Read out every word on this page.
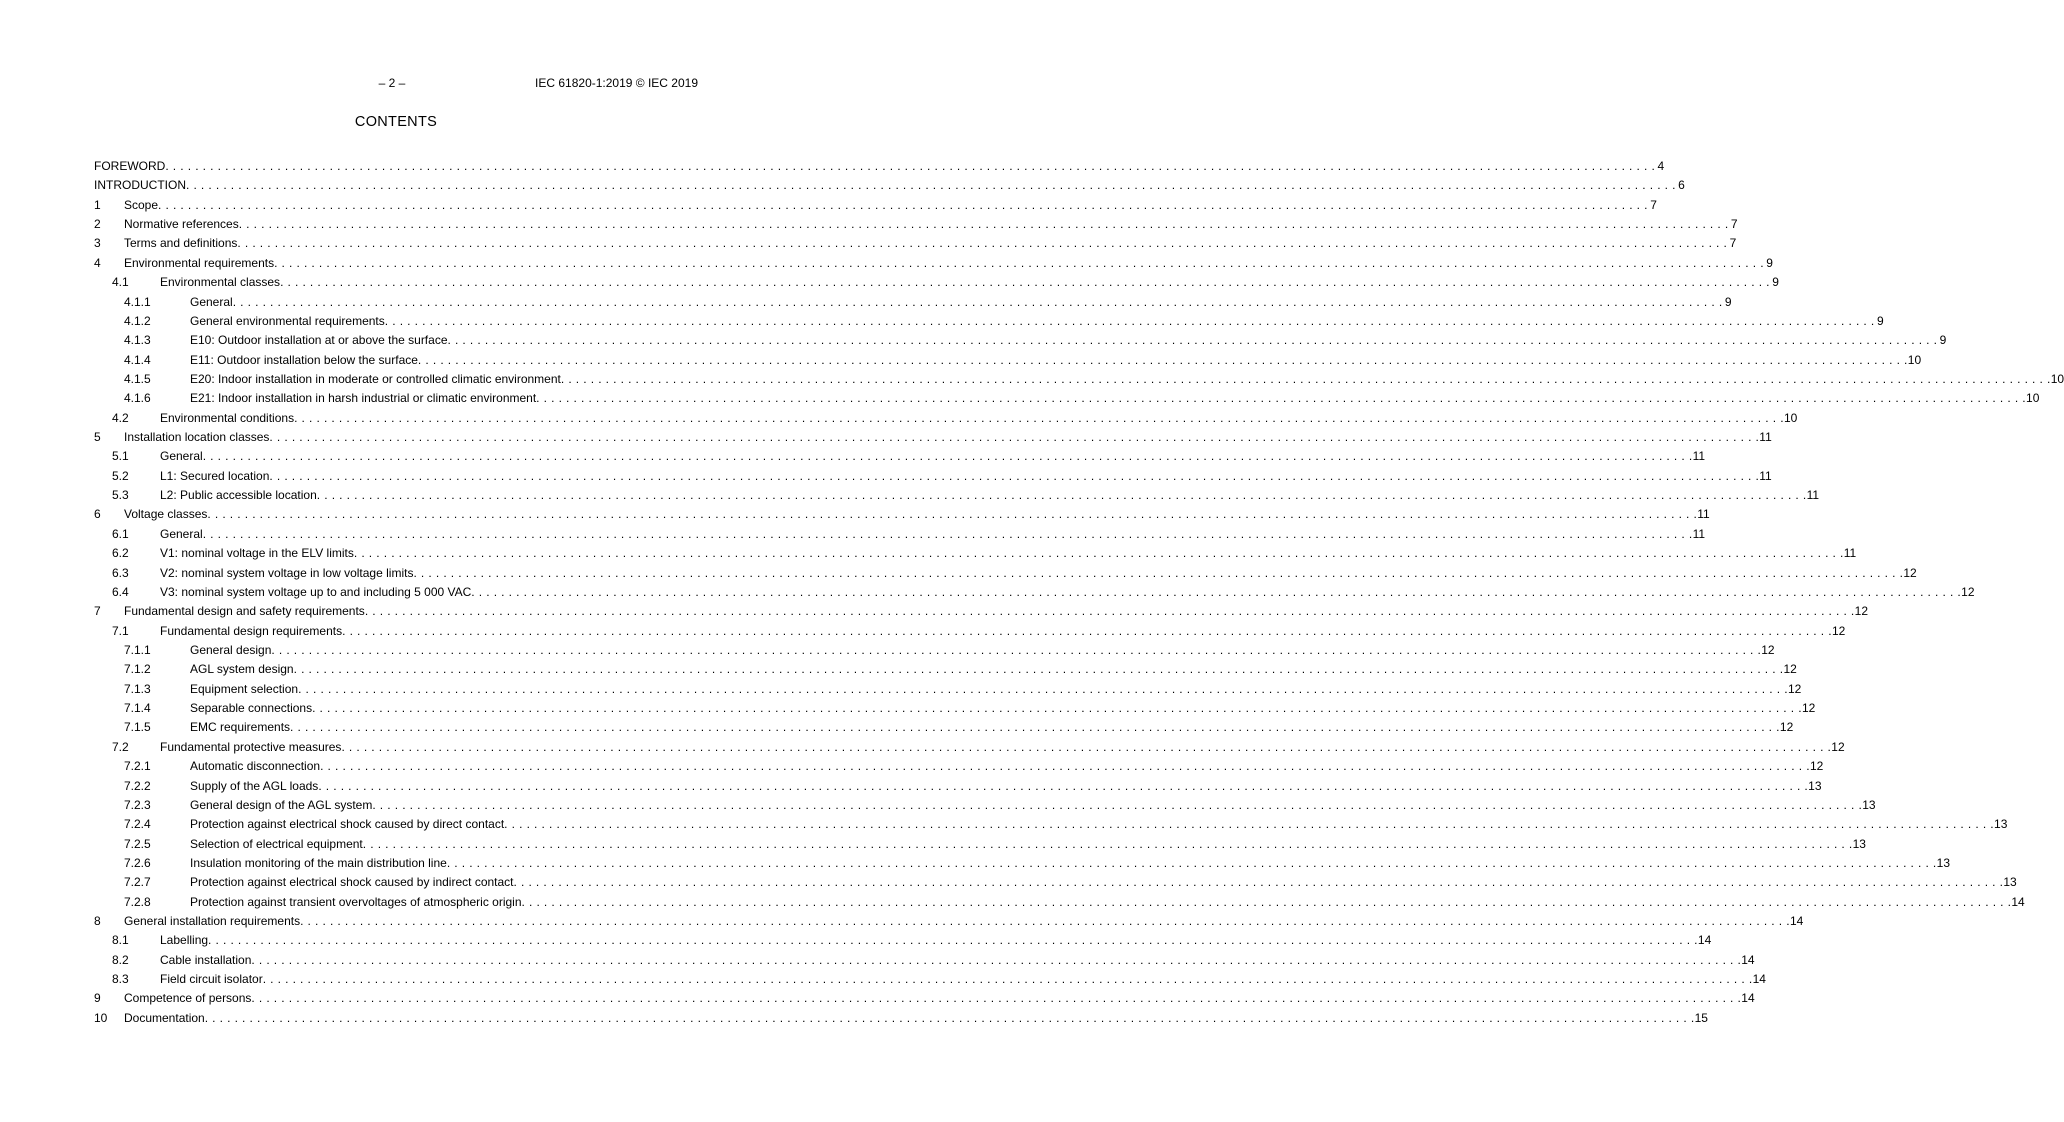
– 2 –	IEC 61820-1:2019 © IEC 2019
CONTENTS
FOREWORD . . . . . . . . . . . . . . . . . . . . . . . . . . . . . . . . . . . . . . . . . . . . . . . . . . . . . . . . . . . . . . . . . . . . . . . . . . . . . . . . . . . . . . . . . . . . . . . . . . . . . . . . . . . . . . . . . . . . . . . . . . . . . . . . . . . . . . . . . . . . . . . . . . . . . . . . . . . . . . . . . . . . . . . . . . . . . . . . . . . . . . . . . . . . . . . . . . . . . . . . 4
INTRODUCTION . . . . . . . . . . . . . . . . . . . . . . . . . . . . . . . . . . . . . . . . . . . . . . . . . . . . . . . . . . . . . . . . . . . . . . . . . . . . . . . . . . . . . . . . . . . . . . . . . . . . . . . . . . . . . . . . . . . . . . . . . . . . . . . . . . . . . . . . . . . . . . . . . . . . . . . . . . . . . . . . . . . . . . . . . . . . . . . . . . . . . . . . . . . . . . . . . . . . . . . . 6
1 Scope . . . . . . . . . . . . . . . . . . . . . . . . . . . . . . . . . . . . . . . . . . . . . . . . . . . . . . . . . . . . . . . . . . . . . . . . . . . . . . . . . . . . . . . . . . . . . . . . . . . . . . . . . . . . . . . . . . . . . . . . . . . . . . . . . . . . . . . . . . . . . . . . . . . . . . . . . . . . . . . . . . . . . . . . . . . . . . . . . . . . . . . . . . . . . . . . . . . . . . . . 7
2 Normative references . . . . . . . . . . . . . . . . . . . . . . . . . . . . . . . . . . . . . . . . . . . . . . . . . . . . . . . . . . . . . . . . . . . . . . . . . . . . . . . . . . . . . . . . . . . . . . . . . . . . . . . . . . . . . . . . . . . . . . . . . . . . . . . . . . . . . . . . . . . . . . . . . . . . . . . . . . . . . . . . . . . . . . . . . . . . . . . . . . . . . . . . . . . . . . . . . . . . . . . . 7
3 Terms and definitions . . . . . . . . . . . . . . . . . . . . . . . . . . . . . . . . . . . . . . . . . . . . . . . . . . . . . . . . . . . . . . . . . . . . . . . . . . . . . . . . . . . . . . . . . . . . . . . . . . . . . . . . . . . . . . . . . . . . . . . . . . . . . . . . . . . . . . . . . . . . . . . . . . . . . . . . . . . . . . . . . . . . . . . . . . . . . . . . . . . . . . . . . . . . . . . . . . . . . . . . 7
4 Environmental requirements . . . . . . . . . . . . . . . . . . . . . . . . . . . . . . . . . . . . . . . . . . . . . . . . . . . . . . . . . . . . . . . . . . . . . . . . . . . . . . . . . . . . . . . . . . . . . . . . . . . . . . . . . . . . . . . . . . . . . . . . . . . . . . . . . . . . . . . . . . . . . . . . . . . . . . . . . . . . . . . . . . . . . . . . . . . . . . . . . . . . . . . . . . . . . . . . . . . . . . . . 9
4.1	Environmental classes . . . . . . . . . . . . . . . . . . . . . . . . . . . . . . . . . . . . . . . . . . . . . . . . . . . . . . . . . . . . . . . . . . . . . . . . . . . . . . . . . . . . . . . . . . . . . . . . . . . . . . . . . . . . . . . . . . . . . . . . . . . . . . . . . . . . . . . . . . . . . . . . . . . . . . . . . . . . . . . . . . . . . . . . . . . . . . . . . . . . . . . . . . . . . . . . . . . . . . . . 9
4.1.1	General . . . . . . . . . . . . . . . . . . . . . . . . . . . . . . . . . . . . . . . . . . . . . . . . . . . . . . . . . . . . . . . . . . . . . . . . . . . . . . . . . . . . . . . . . . . . . . . . . . . . . . . . . . . . . . . . . . . . . . . . . . . . . . . . . . . . . . . . . . . . . . . . . . . . . . . . . . . . . . . . . . . . . . . . . . . . . . . . . . . . . . . . . . . . . . . . . . . . . . . . 9
4.1.2	General environmental requirements . . . . . . . . . . . . . . . . . . . . . . . . . . . . . . . . . . . . . . . . . . . . . . . . . . . . . . . . . . . . . . . . . . . . . . . . . . . . . . . . . . . . . . . . . . . . . . . . . . . . . . . . . . . . . . . . . . . . . . . . . . . . . . . . . . . . . . . . . . . . . . . . . . . . . . . . . . . . . . . . . . . . . . . . . . . . . . . . . . . . . . . . . . . . . . . . . . . . . . . . 9
4.1.3	E10: Outdoor installation at or above the surface . . . . . . . . . . . . . . . . . . . . . . . . . . . . . . . . . . . . . . . . . . . . . . . . . . . . . . . . . . . . . . . . . . . . . . . . . . . . . . . . . . . . . . . . . . . . . . . . . . . . . . . . . . . . . . . . . . . . . . . . . . . . . . . . . . . . . . . . . . . . . . . . . . . . . . . . . . . . . . . . . . . . . . . . . . . . . . . . . . . . . . . . . . . . . . . . . . . . . . . . 9
4.1.4	E11: Outdoor installation below the surface . . . . . . . . . . . . . . . . . . . . . . . . . . . . . . . . . . . . . . . . . . . . . . . . . . . . . . . . . . . . . . . . . . . . . . . . . . . . . . . . . . . . . . . . . . . . . . . . . . . . . . . . . . . . . . . . . . . . . . . . . . . . . . . . . . . . . . . . . . . . . . . . . . . . . . . . . . . . . . . . . . . . . . . . . . . . . . . . . . . . . . . . . . . . . . . . . . . . . . . . 10
4.1.5	E20: Indoor installation in moderate or controlled climatic environment . . . . . . . . . . . . . . . . . . . . . . . . . . . . . . . . . . . . . . . . . . . . . . . . . . . . . . . . . . . . . . . . . . . . . . . . . . . . . . . . . . . . . . . . . . . . . . . . . . . . . . . . . . . . . . . . . . . . . . . . . . . . . . . . . . . . . . . . . . . . . . . . . . . . . . . . . . . . . . . . . . . . . . . . . . . . . . . . . . . . . . . . . . . . . . . . . . . . . . . . 10
4.1.6	E21: Indoor installation in harsh industrial or climatic environment . . . . . . . . . . . . . . . . . . . . . . . . . . . . . . . . . . . . . . . . . . . . . . . . . . . . . . . . . . . . . . . . . . . . . . . . . . . . . . . . . . . . . . . . . . . . . . . . . . . . . . . . . . . . . . . . . . . . . . . . . . . . . . . . . . . . . . . . . . . . . . . . . . . . . . . . . . . . . . . . . . . . . . . . . . . . . . . . . . . . . . . . . . . . . . . . . . . . . . . . 10
4.2	Environmental conditions . . . . . . . . . . . . . . . . . . . . . . . . . . . . . . . . . . . . . . . . . . . . . . . . . . . . . . . . . . . . . . . . . . . . . . . . . . . . . . . . . . . . . . . . . . . . . . . . . . . . . . . . . . . . . . . . . . . . . . . . . . . . . . . . . . . . . . . . . . . . . . . . . . . . . . . . . . . . . . . . . . . . . . . . . . . . . . . . . . . . . . . . . . . . . . . . . . . . . . . . 10
5 Installation location classes . . . . . . . . . . . . . . . . . . . . . . . . . . . . . . . . . . . . . . . . . . . . . . . . . . . . . . . . . . . . . . . . . . . . . . . . . . . . . . . . . . . . . . . . . . . . . . . . . . . . . . . . . . . . . . . . . . . . . . . . . . . . . . . . . . . . . . . . . . . . . . . . . . . . . . . . . . . . . . . . . . . . . . . . . . . . . . . . . . . . . . . . . . . . . . . . . . . . . . . . 11
5.1	General . . . . . . . . . . . . . . . . . . . . . . . . . . . . . . . . . . . . . . . . . . . . . . . . . . . . . . . . . . . . . . . . . . . . . . . . . . . . . . . . . . . . . . . . . . . . . . . . . . . . . . . . . . . . . . . . . . . . . . . . . . . . . . . . . . . . . . . . . . . . . . . . . . . . . . . . . . . . . . . . . . . . . . . . . . . . . . . . . . . . . . . . . . . . . . . . . . . . . . . . 11
5.2	L1: Secured location . . . . . . . . . . . . . . . . . . . . . . . . . . . . . . . . . . . . . . . . . . . . . . . . . . . . . . . . . . . . . . . . . . . . . . . . . . . . . . . . . . . . . . . . . . . . . . . . . . . . . . . . . . . . . . . . . . . . . . . . . . . . . . . . . . . . . . . . . . . . . . . . . . . . . . . . . . . . . . . . . . . . . . . . . . . . . . . . . . . . . . . . . . . . . . . . . . . . . . . . 11
5.3	L2: Public accessible location . . . . . . . . . . . . . . . . . . . . . . . . . . . . . . . . . . . . . . . . . . . . . . . . . . . . . . . . . . . . . . . . . . . . . . . . . . . . . . . . . . . . . . . . . . . . . . . . . . . . . . . . . . . . . . . . . . . . . . . . . . . . . . . . . . . . . . . . . . . . . . . . . . . . . . . . . . . . . . . . . . . . . . . . . . . . . . . . . . . . . . . . . . . . . . . . . . . . . . . . 11
6 Voltage classes . . . . . . . . . . . . . . . . . . . . . . . . . . . . . . . . . . . . . . . . . . . . . . . . . . . . . . . . . . . . . . . . . . . . . . . . . . . . . . . . . . . . . . . . . . . . . . . . . . . . . . . . . . . . . . . . . . . . . . . . . . . . . . . . . . . . . . . . . . . . . . . . . . . . . . . . . . . . . . . . . . . . . . . . . . . . . . . . . . . . . . . . . . . . . . . . . . . . . . . . 11
6.1	General . . . . . . . . . . . . . . . . . . . . . . . . . . . . . . . . . . . . . . . . . . . . . . . . . . . . . . . . . . . . . . . . . . . . . . . . . . . . . . . . . . . . . . . . . . . . . . . . . . . . . . . . . . . . . . . . . . . . . . . . . . . . . . . . . . . . . . . . . . . . . . . . . . . . . . . . . . . . . . . . . . . . . . . . . . . . . . . . . . . . . . . . . . . . . . . . . . . . . . . . 11
6.2	V1: nominal voltage in the ELV limits . . . . . . . . . . . . . . . . . . . . . . . . . . . . . . . . . . . . . . . . . . . . . . . . . . . . . . . . . . . . . . . . . . . . . . . . . . . . . . . . . . . . . . . . . . . . . . . . . . . . . . . . . . . . . . . . . . . . . . . . . . . . . . . . . . . . . . . . . . . . . . . . . . . . . . . . . . . . . . . . . . . . . . . . . . . . . . . . . . . . . . . . . . . . . . . . . . . . . . . . 11
6.3	V2: nominal system voltage in low voltage limits . . . . . . . . . . . . . . . . . . . . . . . . . . . . . . . . . . . . . . . . . . . . . . . . . . . . . . . . . . . . . . . . . . . . . . . . . . . . . . . . . . . . . . . . . . . . . . . . . . . . . . . . . . . . . . . . . . . . . . . . . . . . . . . . . . . . . . . . . . . . . . . . . . . . . . . . . . . . . . . . . . . . . . . . . . . . . . . . . . . . . . . . . . . . . . . . . . . . . . . . 12
6.4	V3: nominal system voltage up to and including 5 000 VAC . . . . . . . . . . . . . . . . . . . . . . . . . . . . . . . . . . . . . . . . . . . . . . . . . . . . . . . . . . . . . . . . . . . . . . . . . . . . . . . . . . . . . . . . . . . . . . . . . . . . . . . . . . . . . . . . . . . . . . . . . . . . . . . . . . . . . . . . . . . . . . . . . . . . . . . . . . . . . . . . . . . . . . . . . . . . . . . . . . . . . . . . . . . . . . . . . . . . . . . . 12
7 Fundamental design and safety requirements . . . . . . . . . . . . . . . . . . . . . . . . . . . . . . . . . . . . . . . . . . . . . . . . . . . . . . . . . . . . . . . . . . . . . . . . . . . . . . . . . . . . . . . . . . . . . . . . . . . . . . . . . . . . . . . . . . . . . . . . . . . . . . . . . . . . . . . . . . . . . . . . . . . . . . . . . . . . . . . . . . . . . . . . . . . . . . . . . . . . . . . . . . . . . . . . . . . . . . . . 12
7.1	Fundamental design requirements . . . . . . . . . . . . . . . . . . . . . . . . . . . . . . . . . . . . . . . . . . . . . . . . . . . . . . . . . . . . . . . . . . . . . . . . . . . . . . . . . . . . . . . . . . . . . . . . . . . . . . . . . . . . . . . . . . . . . . . . . . . . . . . . . . . . . . . . . . . . . . . . . . . . . . . . . . . . . . . . . . . . . . . . . . . . . . . . . . . . . . . . . . . . . . . . . . . . . . . . 12
7.1.1	General design . . . . . . . . . . . . . . . . . . . . . . . . . . . . . . . . . . . . . . . . . . . . . . . . . . . . . . . . . . . . . . . . . . . . . . . . . . . . . . . . . . . . . . . . . . . . . . . . . . . . . . . . . . . . . . . . . . . . . . . . . . . . . . . . . . . . . . . . . . . . . . . . . . . . . . . . . . . . . . . . . . . . . . . . . . . . . . . . . . . . . . . . . . . . . . . . . . . . . . . . 12
7.1.2	AGL system design . . . . . . . . . . . . . . . . . . . . . . . . . . . . . . . . . . . . . . . . . . . . . . . . . . . . . . . . . . . . . . . . . . . . . . . . . . . . . . . . . . . . . . . . . . . . . . . . . . . . . . . . . . . . . . . . . . . . . . . . . . . . . . . . . . . . . . . . . . . . . . . . . . . . . . . . . . . . . . . . . . . . . . . . . . . . . . . . . . . . . . . . . . . . . . . . . . . . . . . . 12
7.1.3	Equipment selection . . . . . . . . . . . . . . . . . . . . . . . . . . . . . . . . . . . . . . . . . . . . . . . . . . . . . . . . . . . . . . . . . . . . . . . . . . . . . . . . . . . . . . . . . . . . . . . . . . . . . . . . . . . . . . . . . . . . . . . . . . . . . . . . . . . . . . . . . . . . . . . . . . . . . . . . . . . . . . . . . . . . . . . . . . . . . . . . . . . . . . . . . . . . . . . . . . . . . . . . 12
7.1.4	Separable connections . . . . . . . . . . . . . . . . . . . . . . . . . . . . . . . . . . . . . . . . . . . . . . . . . . . . . . . . . . . . . . . . . . . . . . . . . . . . . . . . . . . . . . . . . . . . . . . . . . . . . . . . . . . . . . . . . . . . . . . . . . . . . . . . . . . . . . . . . . . . . . . . . . . . . . . . . . . . . . . . . . . . . . . . . . . . . . . . . . . . . . . . . . . . . . . . . . . . . . . . 12
7.1.5	EMC requirements . . . . . . . . . . . . . . . . . . . . . . . . . . . . . . . . . . . . . . . . . . . . . . . . . . . . . . . . . . . . . . . . . . . . . . . . . . . . . . . . . . . . . . . . . . . . . . . . . . . . . . . . . . . . . . . . . . . . . . . . . . . . . . . . . . . . . . . . . . . . . . . . . . . . . . . . . . . . . . . . . . . . . . . . . . . . . . . . . . . . . . . . . . . . . . . . . . . . . . . . 12
7.2	Fundamental protective measures . . . . . . . . . . . . . . . . . . . . . . . . . . . . . . . . . . . . . . . . . . . . . . . . . . . . . . . . . . . . . . . . . . . . . . . . . . . . . . . . . . . . . . . . . . . . . . . . . . . . . . . . . . . . . . . . . . . . . . . . . . . . . . . . . . . . . . . . . . . . . . . . . . . . . . . . . . . . . . . . . . . . . . . . . . . . . . . . . . . . . . . . . . . . . . . . . . . . . . . . 12
7.2.1	Automatic disconnection . . . . . . . . . . . . . . . . . . . . . . . . . . . . . . . . . . . . . . . . . . . . . . . . . . . . . . . . . . . . . . . . . . . . . . . . . . . . . . . . . . . . . . . . . . . . . . . . . . . . . . . . . . . . . . . . . . . . . . . . . . . . . . . . . . . . . . . . . . . . . . . . . . . . . . . . . . . . . . . . . . . . . . . . . . . . . . . . . . . . . . . . . . . . . . . . . . . . . . . . 12
7.2.2	Supply of the AGL loads . . . . . . . . . . . . . . . . . . . . . . . . . . . . . . . . . . . . . . . . . . . . . . . . . . . . . . . . . . . . . . . . . . . . . . . . . . . . . . . . . . . . . . . . . . . . . . . . . . . . . . . . . . . . . . . . . . . . . . . . . . . . . . . . . . . . . . . . . . . . . . . . . . . . . . . . . . . . . . . . . . . . . . . . . . . . . . . . . . . . . . . . . . . . . . . . . . . . . . . . 13
7.2.3	General design of the AGL system . . . . . . . . . . . . . . . . . . . . . . . . . . . . . . . . . . . . . . . . . . . . . . . . . . . . . . . . . . . . . . . . . . . . . . . . . . . . . . . . . . . . . . . . . . . . . . . . . . . . . . . . . . . . . . . . . . . . . . . . . . . . . . . . . . . . . . . . . . . . . . . . . . . . . . . . . . . . . . . . . . . . . . . . . . . . . . . . . . . . . . . . . . . . . . . . . . . . . . . . 13
7.2.4	Protection against electrical shock caused by direct contact . . . . . . . . . . . . . . . . . . . . . . . . . . . . . . . . . . . . . . . . . . . . . . . . . . . . . . . . . . . . . . . . . . . . . . . . . . . . . . . . . . . . . . . . . . . . . . . . . . . . . . . . . . . . . . . . . . . . . . . . . . . . . . . . . . . . . . . . . . . . . . . . . . . . . . . . . . . . . . . . . . . . . . . . . . . . . . . . . . . . . . . . . . . . . . . . . . . . . . . . 13
7.2.5	Selection of electrical equipment . . . . . . . . . . . . . . . . . . . . . . . . . . . . . . . . . . . . . . . . . . . . . . . . . . . . . . . . . . . . . . . . . . . . . . . . . . . . . . . . . . . . . . . . . . . . . . . . . . . . . . . . . . . . . . . . . . . . . . . . . . . . . . . . . . . . . . . . . . . . . . . . . . . . . . . . . . . . . . . . . . . . . . . . . . . . . . . . . . . . . . . . . . . . . . . . . . . . . . . . 13
7.2.6	Insulation monitoring of the main distribution line . . . . . . . . . . . . . . . . . . . . . . . . . . . . . . . . . . . . . . . . . . . . . . . . . . . . . . . . . . . . . . . . . . . . . . . . . . . . . . . . . . . . . . . . . . . . . . . . . . . . . . . . . . . . . . . . . . . . . . . . . . . . . . . . . . . . . . . . . . . . . . . . . . . . . . . . . . . . . . . . . . . . . . . . . . . . . . . . . . . . . . . . . . . . . . . . . . . . . . . . 13
7.2.7	Protection against electrical shock caused by indirect contact . . . . . . . . . . . . . . . . . . . . . . . . . . . . . . . . . . . . . . . . . . . . . . . . . . . . . . . . . . . . . . . . . . . . . . . . . . . . . . . . . . . . . . . . . . . . . . . . . . . . . . . . . . . . . . . . . . . . . . . . . . . . . . . . . . . . . . . . . . . . . . . . . . . . . . . . . . . . . . . . . . . . . . . . . . . . . . . . . . . . . . . . . . . . . . . . . . . . . . . . 13
7.2.8	Protection against transient overvoltages of atmospheric origin . . . . . . . . . . . . . . . . . . . . . . . . . . . . . . . . . . . . . . . . . . . . . . . . . . . . . . . . . . . . . . . . . . . . . . . . . . . . . . . . . . . . . . . . . . . . . . . . . . . . . . . . . . . . . . . . . . . . . . . . . . . . . . . . . . . . . . . . . . . . . . . . . . . . . . . . . . . . . . . . . . . . . . . . . . . . . . . . . . . . . . . . . . . . . . . . . . . . . . . . 14
8 General installation requirements . . . . . . . . . . . . . . . . . . . . . . . . . . . . . . . . . . . . . . . . . . . . . . . . . . . . . . . . . . . . . . . . . . . . . . . . . . . . . . . . . . . . . . . . . . . . . . . . . . . . . . . . . . . . . . . . . . . . . . . . . . . . . . . . . . . . . . . . . . . . . . . . . . . . . . . . . . . . . . . . . . . . . . . . . . . . . . . . . . . . . . . . . . . . . . . . . . . . . . . . 14
8.1	Labelling . . . . . . . . . . . . . . . . . . . . . . . . . . . . . . . . . . . . . . . . . . . . . . . . . . . . . . . . . . . . . . . . . . . . . . . . . . . . . . . . . . . . . . . . . . . . . . . . . . . . . . . . . . . . . . . . . . . . . . . . . . . . . . . . . . . . . . . . . . . . . . . . . . . . . . . . . . . . . . . . . . . . . . . . . . . . . . . . . . . . . . . . . . . . . . . . . . . . . . . . 14
8.2	Cable installation . . . . . . . . . . . . . . . . . . . . . . . . . . . . . . . . . . . . . . . . . . . . . . . . . . . . . . . . . . . . . . . . . . . . . . . . . . . . . . . . . . . . . . . . . . . . . . . . . . . . . . . . . . . . . . . . . . . . . . . . . . . . . . . . . . . . . . . . . . . . . . . . . . . . . . . . . . . . . . . . . . . . . . . . . . . . . . . . . . . . . . . . . . . . . . . . . . . . . . . . 14
8.3	Field circuit isolator . . . . . . . . . . . . . . . . . . . . . . . . . . . . . . . . . . . . . . . . . . . . . . . . . . . . . . . . . . . . . . . . . . . . . . . . . . . . . . . . . . . . . . . . . . . . . . . . . . . . . . . . . . . . . . . . . . . . . . . . . . . . . . . . . . . . . . . . . . . . . . . . . . . . . . . . . . . . . . . . . . . . . . . . . . . . . . . . . . . . . . . . . . . . . . . . . . . . . . . . 14
9 Competence of persons . . . . . . . . . . . . . . . . . . . . . . . . . . . . . . . . . . . . . . . . . . . . . . . . . . . . . . . . . . . . . . . . . . . . . . . . . . . . . . . . . . . . . . . . . . . . . . . . . . . . . . . . . . . . . . . . . . . . . . . . . . . . . . . . . . . . . . . . . . . . . . . . . . . . . . . . . . . . . . . . . . . . . . . . . . . . . . . . . . . . . . . . . . . . . . . . . . . . . . . . 14
10 Documentation . . . . . . . . . . . . . . . . . . . . . . . . . . . . . . . . . . . . . . . . . . . . . . . . . . . . . . . . . . . . . . . . . . . . . . . . . . . . . . . . . . . . . . . . . . . . . . . . . . . . . . . . . . . . . . . . . . . . . . . . . . . . . . . . . . . . . . . . . . . . . . . . . . . . . . . . . . . . . . . . . . . . . . . . . . . . . . . . . . . . . . . . . . . . . . . . . . . . . . . . 15
